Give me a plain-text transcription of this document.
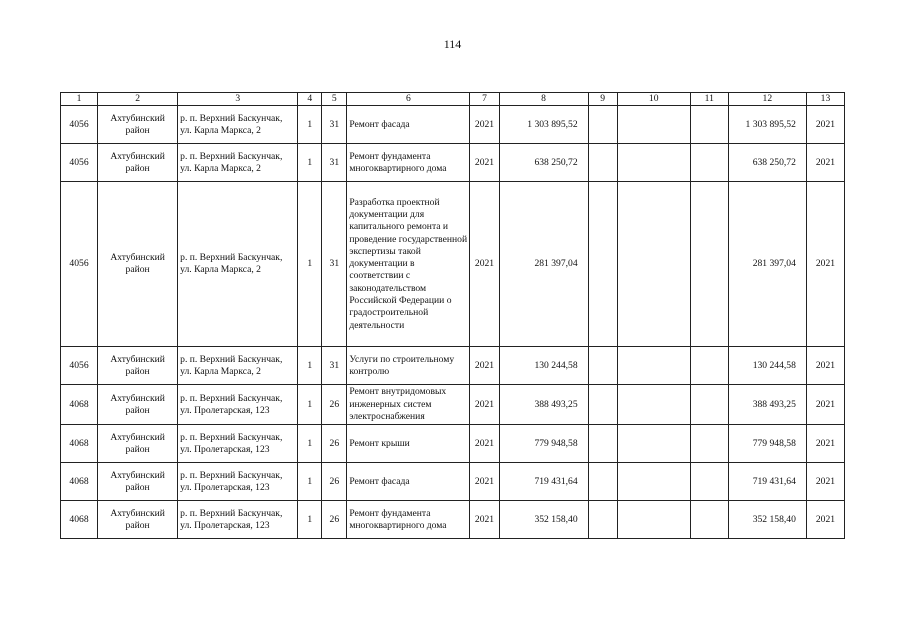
114
1	2	3	4	5	6	7	8	9	10	11	12	13
4056	Ахтубинский район	р. п. Верхний Баскунчак, ул. Карла Маркса, 2	1	31	Ремонт фасада	2021	1 303 895,52				1 303 895,52	2021
4056	Ахтубинский район	р. п. Верхний Баскунчак, ул. Карла Маркса, 2	1	31	Ремонт фундамента многоквартирного дома	2021	638 250,72				638 250,72	2021
4056	Ахтубинский район	р. п. Верхний Баскунчак, ул. Карла Маркса, 2	1	31	Разработка проектной документации для капитального ремонта и проведение государственной экспертизы такой документации в соответствии с законодательством Российской Федерации о градостроительной деятельности	2021	281 397,04				281 397,04	2021
4056	Ахтубинский район	р. п. Верхний Баскунчак, ул. Карла Маркса, 2	1	31	Услуги по строительному контролю	2021	130 244,58				130 244,58	2021
4068	Ахтубинский район	р. п. Верхний Баскунчак, ул. Пролетарская, 123	1	26	Ремонт внутридомовых инженерных систем электроснабжения	2021	388 493,25				388 493,25	2021
4068	Ахтубинский район	р. п. Верхний Баскунчак, ул. Пролетарская, 123	1	26	Ремонт крыши	2021	779 948,58				779 948,58	2021
4068	Ахтубинский район	р. п. Верхний Баскунчак, ул. Пролетарская, 123	1	26	Ремонт фасада	2021	719 431,64				719 431,64	2021
4068	Ахтубинский район	р. п. Верхний Баскунчак, ул. Пролетарская, 123	1	26	Ремонт фундамента многоквартирного дома	2021	352 158,40				352 158,40	2021
